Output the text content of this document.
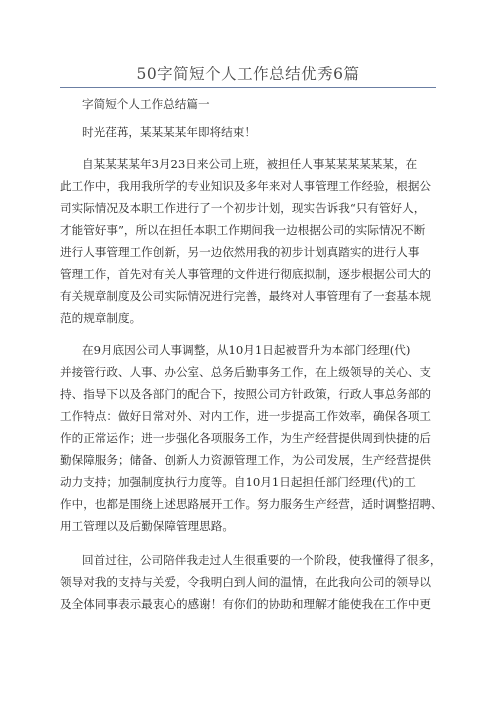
50字简短个人工作总结优秀6篇
字简短个人工作总结篇一
时光荏苒，某某某某年即将结束！
自某某某某年3月23日来公司上班，被担任人事某某某某某某，在
此工作中，我用我所学的专业知识及多年来对人事管理工作经验，根据公
司实际情况及本职工作进行了一个初步计划，现实告诉我“只有管好人，
才能管好事”，所以在担任本职工作期间我一边根据公司的实际情况不断
进行人事管理工作创新，另一边依然用我的初步计划真踏实的进行人事
管理工作，首先对有关人事管理的文件进行彻底拟制，逐步根据公司大的
有关规章制度及公司实际情况进行完善，最终对人事管理有了一套基本规
范的规章制度。
在9月底因公司人事调整，从10月1日起被晋升为本部门经理(代)
并接管行政、人事、办公室、总务后勤事务工作，在上级领导的关心、支
持、指导下以及各部门的配合下，按照公司方针政策，行政人事总务部的
工作特点：做好日常对外、对内工作，进一步提高工作效率，确保各项工
作的正常运作；进一步强化各项服务工作，为生产经营提供周到快捷的后
勤保障服务；储备、创新人力资源管理工作，为公司发展，生产经营提供
动力支持；加强制度执行力度等。自10月1日起担任部门经理(代)的工
作中，也都是围绕上述思路展开工作。努力服务生产经营，适时调整招聘、
用工管理以及后勤保障管理思路。
回首过往，公司陪伴我走过人生很重要的一个阶段，使我懂得了很多，
领导对我的支持与关爱，令我明白到人间的温情，在此我向公司的领导以
及全体同事表示最衷心的感谢！有你们的协助和理解才能使我在工作中更
